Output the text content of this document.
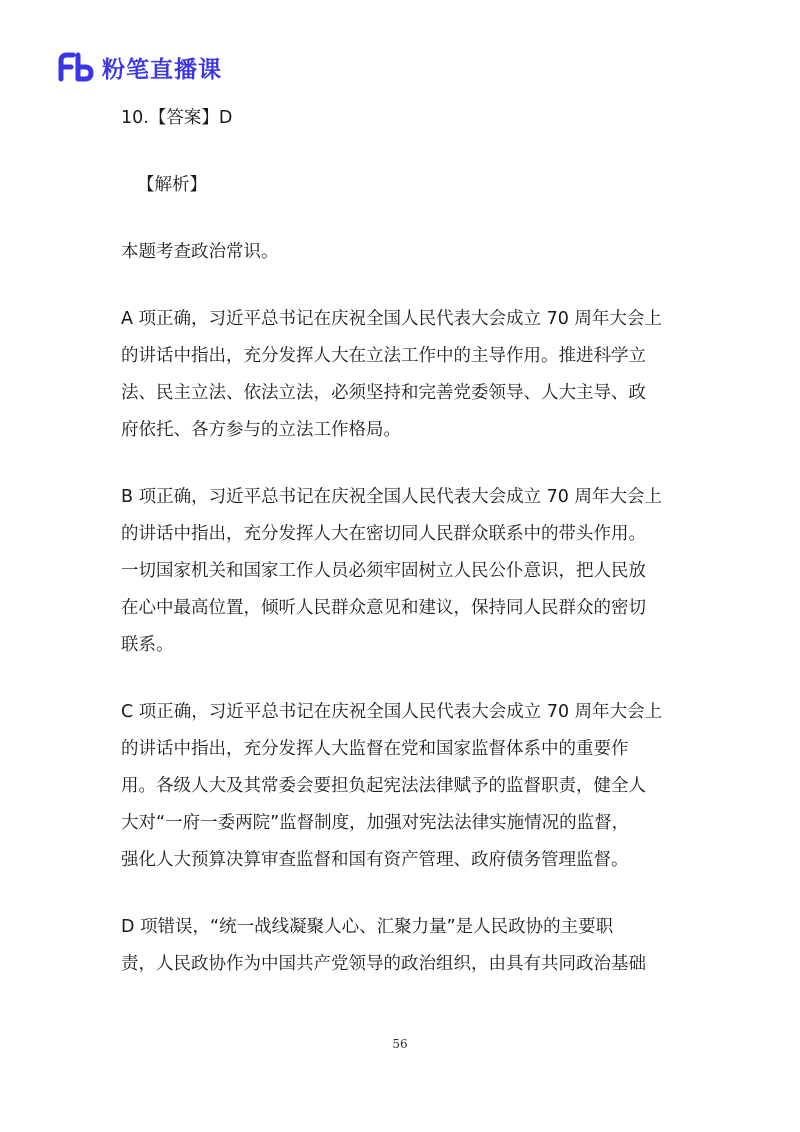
粉笔直播课
10.【答案】D
【解析】
本题考查政治常识。
A 项正确，习近平总书记在庆祝全国人民代表大会成立 70 周年大会上
的讲话中指出，充分发挥人大在立法工作中的主导作用。推进科学立
法、民主立法、依法立法，必须坚持和完善党委领导、人大主导、政
府依托、各方参与的立法工作格局。
B 项正确，习近平总书记在庆祝全国人民代表大会成立 70 周年大会上
的讲话中指出，充分发挥人大在密切同人民群众联系中的带头作用。
一切国家机关和国家工作人员必须牢固树立人民公仆意识，把人民放
在心中最高位置，倾听人民群众意见和建议，保持同人民群众的密切
联系。
C 项正确，习近平总书记在庆祝全国人民代表大会成立 70 周年大会上
的讲话中指出，充分发挥人大监督在党和国家监督体系中的重要作
用。各级人大及其常委会要担负起宪法法律赋予的监督职责，健全人
大对“一府一委两院”监督制度，加强对宪法法律实施情况的监督，
强化人大预算决算审查监督和国有资产管理、政府债务管理监督。
D 项错误，“统一战线凝聚人心、汇聚力量”是人民政协的主要职
责，人民政协作为中国共产党领导的政治组织，由具有共同政治基础
56
